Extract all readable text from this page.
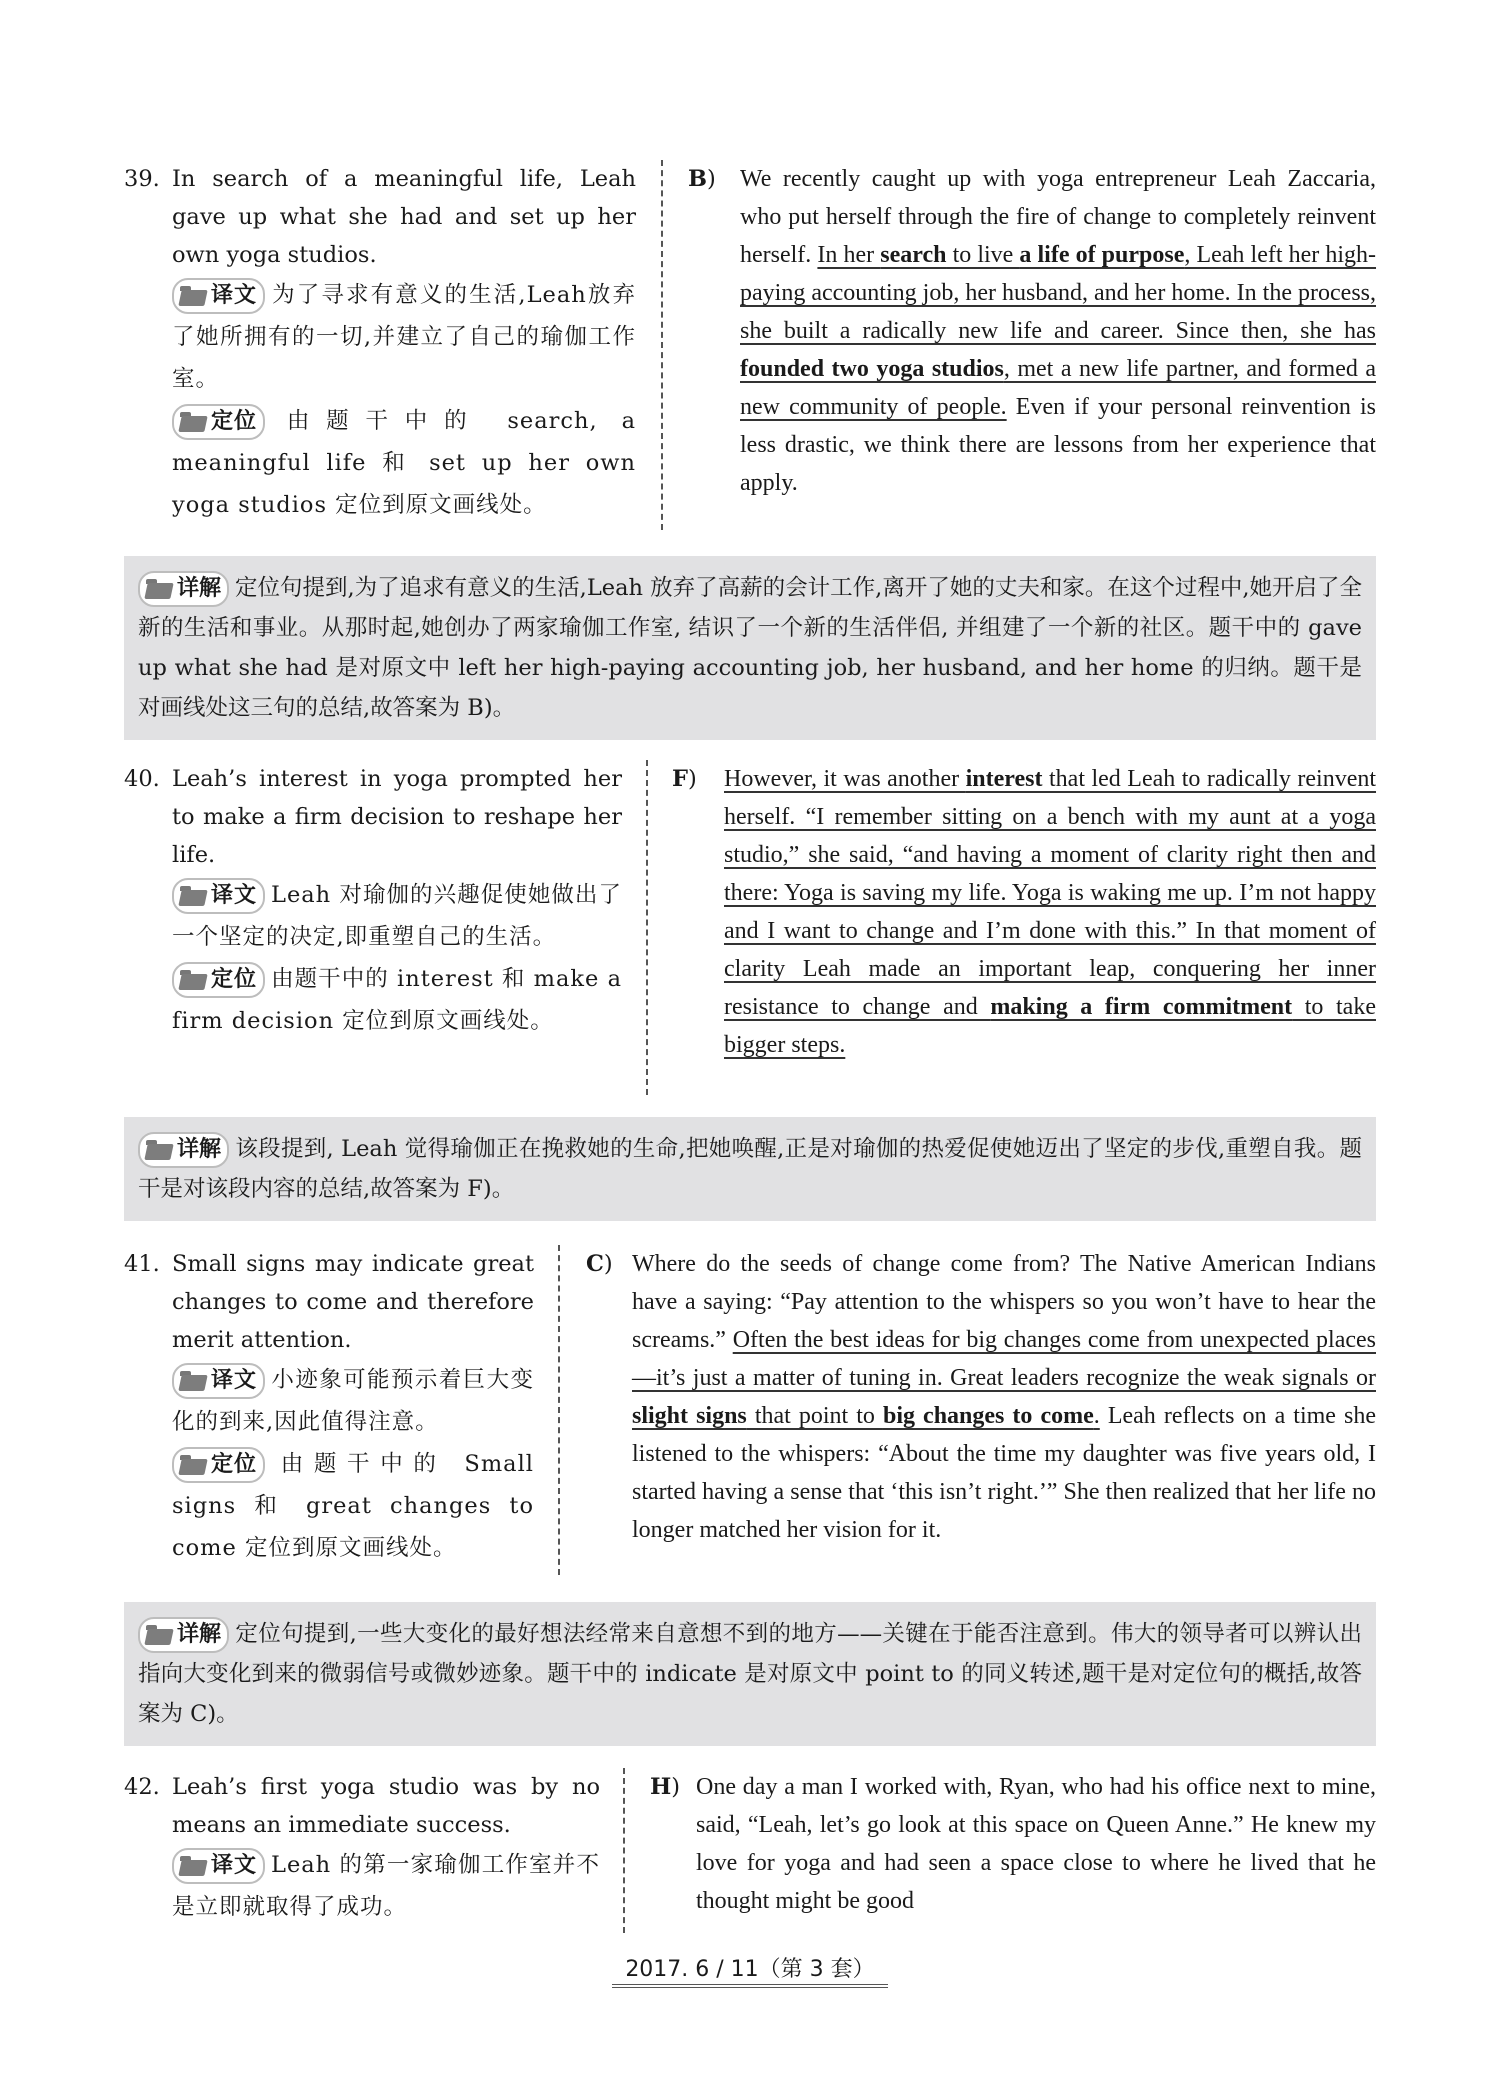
39. In search of a meaningful life, Leah gave up what she had and set up her own yoga studios.
译文 为了寻求有意义的生活,Leah放弃了她所拥有的一切,并建立了自己的瑜伽工作室。
定位 由题干中的 search, a meaningful life 和 set up her own yoga studios 定位到原文画线处。
B) We recently caught up with yoga entrepreneur Leah Zaccaria, who put herself through the fire of change to completely reinvent herself. In her search to live a life of purpose, Leah left her high-paying accounting job, her husband, and her home. In the process, she built a radically new life and career. Since then, she has founded two yoga studios, met a new life partner, and formed a new community of people. Even if your personal reinvention is less drastic, we think there are lessons from her experience that apply.
详解 定位句提到,为了追求有意义的生活,Leah 放弃了高薪的会计工作,离开了她的丈夫和家。在这个过程中,她开启了全新的生活和事业。从那时起,她创办了两家瑜伽工作室, 结识了一个新的生活伴侣, 并组建了一个新的社区。题干中的 gave up what she had 是对原文中 left her high-paying accounting job, her husband, and her home 的归纳。题干是对画线处这三句的总结,故答案为 B)。
40. Leah’s interest in yoga prompted her to make a firm decision to reshape her life.
译文 Leah 对瑜伽的兴趣促使她做出了一个坚定的决定,即重塑自己的生活。
定位 由题干中的 interest 和 make a firm decision 定位到原文画线处。
F) However, it was another interest that led Leah to radically reinvent herself. “I remember sitting on a bench with my aunt at a yoga studio,” she said, “and having a moment of clarity right then and there: Yoga is saving my life. Yoga is waking me up. I’m not happy and I want to change and I’m done with this.” In that moment of clarity Leah made an important leap, conquering her inner resistance to change and making a firm commitment to take bigger steps.
详解 该段提到, Leah 觉得瑜伽正在挽救她的生命,把她唤醒,正是对瑜伽的热爱促使她迈出了坚定的步伐,重塑自我。题干是对该段内容的总结,故答案为 F)。
41. Small signs may indicate great changes to come and therefore merit attention.
译文 小迹象可能预示着巨大变化的到来,因此值得注意。
定位 由题干中的 Small signs 和 great changes to come 定位到原文画线处。
C) Where do the seeds of change come from? The Native American Indians have a saying: “Pay attention to the whispers so you won’t have to hear the screams.” Often the best ideas for big changes come from unexpected places—it’s just a matter of tuning in. Great leaders recognize the weak signals or slight signs that point to big changes to come. Leah reflects on a time she listened to the whispers: “About the time my daughter was five years old, I started having a sense that ‘this isn’t right.’” She then realized that her life no longer matched her vision for it.
详解 定位句提到,一些大变化的最好想法经常来自意想不到的地方——关键在于能否注意到。伟大的领导者可以辨认出指向大变化到来的微弱信号或微妙迹象。题干中的 indicate 是对原文中 point to 的同义转述,题干是对定位句的概括,故答案为 C)。
42. Leah’s first yoga studio was by no means an immediate success.
译文 Leah 的第一家瑜伽工作室并不是立即就取得了成功。
H) One day a man I worked with, Ryan, who had his office next to mine, said, “Leah, let’s go look at this space on Queen Anne.” He knew my love for yoga and had seen a space close to where he lived that he thought might be good
2017. 6 / 11（第 3 套）
